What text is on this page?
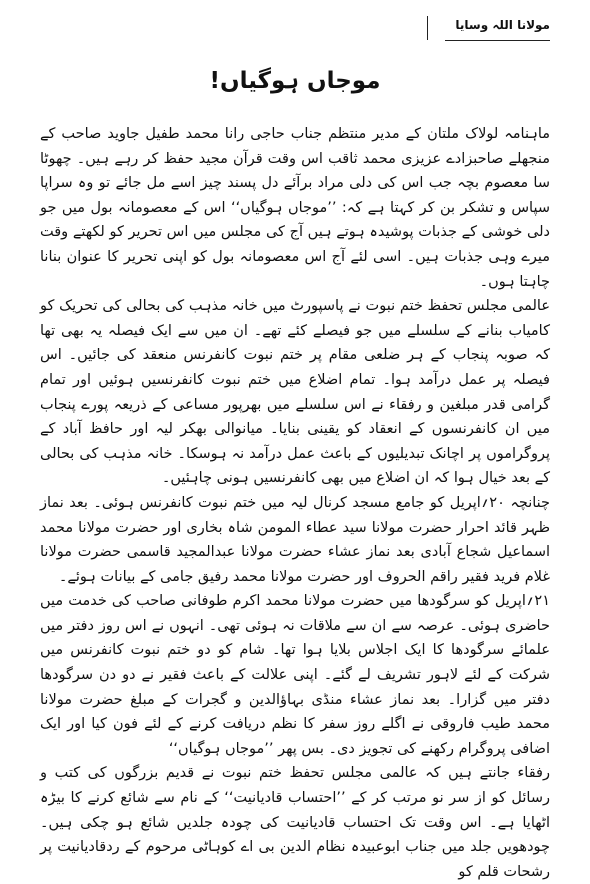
مولانا اللہ وسایا
موجاں ہوگیاں!

ماہنامہ لولاک ملتان کے مدیر منتظم جناب حاجی رانا محمد طفیل جاوید صاحب کے منجھلے صاحبزادے عزیزی محمد ثاقب اس وقت قرآن مجید حفظ کر رہے ہیں۔ چھوٹا سا معصوم بچہ جب اس کی دلی مراد برآئے دل پسند چیز اسے مل جائے تو وہ سراپا سپاس و تشکر بن کر کہتا ہے کہ: ’’موجاں ہوگیاں‘‘ اس کے معصومانہ بول میں جو دلی خوشی کے جذبات پوشیدہ ہوتے ہیں آج کی مجلس میں اس تحریر کو لکھتے وقت میرے وہی جذبات ہیں۔ اسی لئے آج اس معصومانہ بول کو اپنی تحریر کا عنوان بنانا چاہتا ہوں۔

عالمی مجلس تحفظ ختم نبوت نے پاسپورٹ میں خانہ مذہب کی بحالی کی تحریک کو کامیاب بنانے کے سلسلے میں جو فیصلے کئے تھے۔ ان میں سے ایک فیصلہ یہ بھی تھا کہ صوبہ پنجاب کے ہر ضلعی مقام پر ختم نبوت کانفرنس منعقد کی جائیں۔ اس فیصلہ پر عمل درآمد ہوا۔ تمام اضلاع میں ختم نبوت کانفرنسیں ہوئیں اور تمام گرامی قدر مبلغین و رفقاء نے اس سلسلے میں بھرپور مساعی کے ذریعہ پورے پنجاب میں ان کانفرنسوں کے انعقاد کو یقینی بنایا۔ میانوالی بھکر لیہ اور حافظ آباد کے پروگراموں پر اچانک تبدیلیوں کے باعث عمل درآمد نہ ہوسکا۔ خانہ مذہب کی بحالی کے بعد خیال ہوا کہ ان اضلاع میں بھی کانفرنسیں ہونی چاہئیں۔

چنانچہ ۲۰؍اپریل کو جامع مسجد کرنال لیہ میں ختم نبوت کانفرنس ہوئی۔ بعد نماز ظہر قائد احرار حضرت مولانا سید عطاء المومن شاہ بخاری اور حضرت مولانا محمد اسماعیل شجاع آبادی بعد نماز عشاء حضرت مولانا عبدالمجید قاسمی حضرت مولانا غلام فرید فقیر راقم الحروف اور حضرت مولانا محمد رفیق جامی کے بیانات ہوئے۔

۲۱؍اپریل کو سرگودھا میں حضرت مولانا محمد اکرم طوفانی صاحب کی خدمت میں حاضری ہوئی۔ عرصہ سے ان سے ملاقات نہ ہوئی تھی۔ انہوں نے اس روز دفتر میں علمائے سرگودھا کا ایک اجلاس بلایا ہوا تھا۔ شام کو دو ختم نبوت کانفرنس میں شرکت کے لئے لاہور تشریف لے گئے۔ اپنی علالت کے باعث فقیر نے دو دن سرگودھا دفتر میں گزارا۔ بعد نماز عشاء منڈی بہاؤالدین و گجرات کے مبلغ حضرت مولانا محمد طیب فاروقی نے اگلے روز سفر کا نظم دریافت کرنے کے لئے فون کیا اور ایک اضافی پروگرام رکھنے کی تجویز دی۔ بس پھر ’’موجاں ہوگیاں‘‘

رفقاء جانتے ہیں کہ عالمی مجلس تحفظ ختم نبوت نے قدیم بزرگوں کی کتب و رسائل کو از سر نو مرتب کر کے ’’احتساب قادیانیت‘‘ کے نام سے شائع کرنے کا بیڑہ اٹھایا ہے۔ اس وقت تک احتساب قادیانیت کی چودہ جلدیں شائع ہو چکی ہیں۔ چودھویں جلد میں جناب ابوعبیدہ نظام الدین بی اے کوہاٹی مرحوم کے ردقادیانیت پر رشحات قلم کو
